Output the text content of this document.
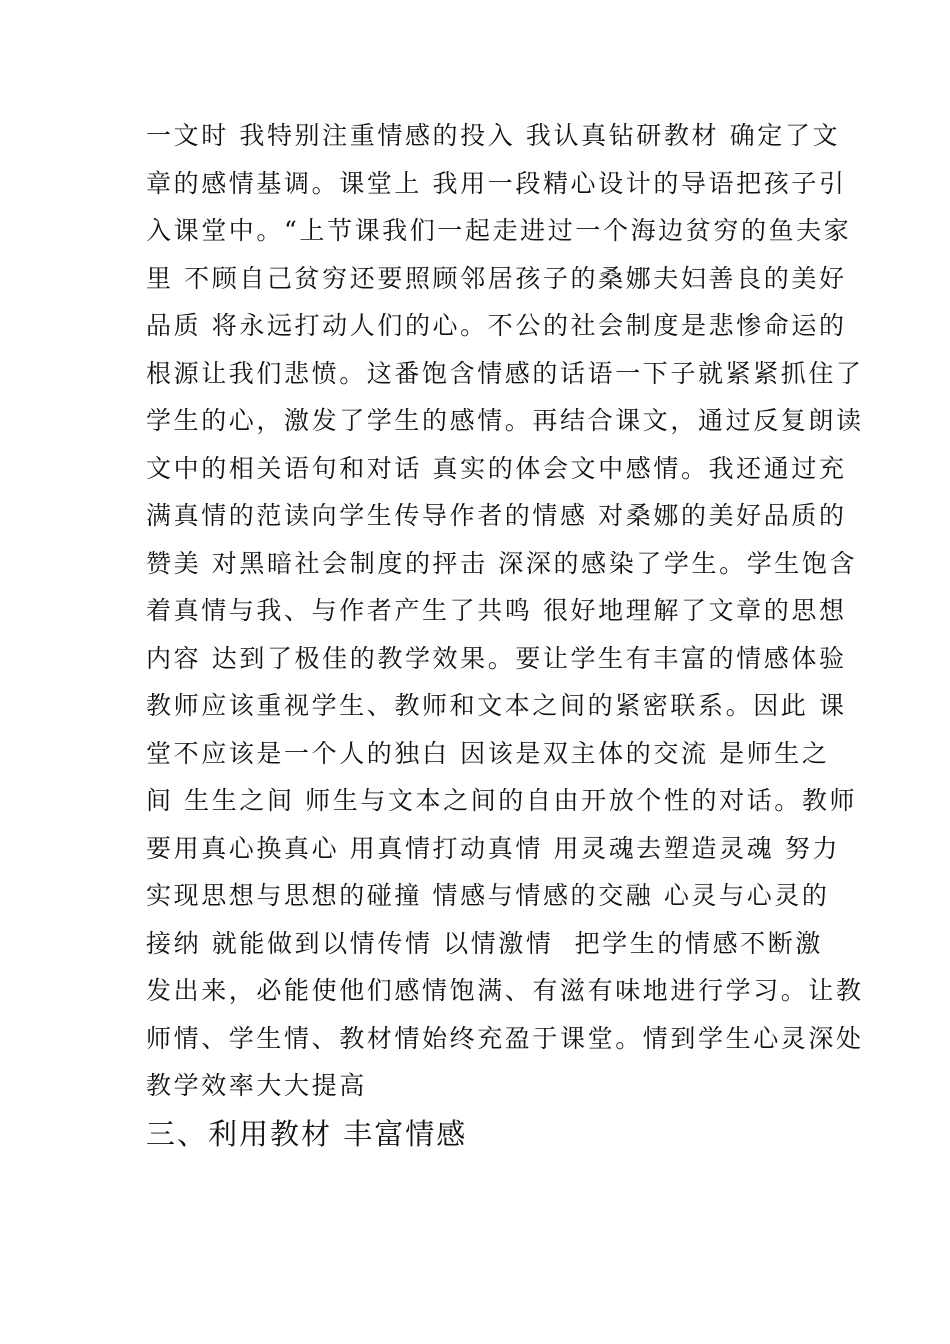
一文时 我特别注重情感的投入 我认真钻研教材 确定了文
章的感情基调。课堂上 我用一段精心设计的导语把孩子引
入课堂中。“上节课我们一起走进过一个海边贫穷的鱼夫家
里 不顾自己贫穷还要照顾邻居孩子的桑娜夫妇善良的美好
品质 将永远打动人们的心。不公的社会制度是悲惨命运的
根源让我们悲愤。这番饱含情感的话语一下子就紧紧抓住了
学生的心，激发了学生的感情。再结合课文，通过反复朗读
文中的相关语句和对话 真实的体会文中感情。我还通过充
满真情的范读向学生传导作者的情感 对桑娜的美好品质的
赞美 对黑暗社会制度的抨击 深深的感染了学生。学生饱含
着真情与我、与作者产生了共鸣 很好地理解了文章的思想
内容 达到了极佳的教学效果。要让学生有丰富的情感体验
教师应该重视学生、教师和文本之间的紧密联系。因此 课
堂不应该是一个人的独白 因该是双主体的交流 是师生之
间 生生之间 师生与文本之间的自由开放个性的对话。教师
要用真心换真心 用真情打动真情 用灵魂去塑造灵魂 努力
实现思想与思想的碰撞 情感与情感的交融 心灵与心灵的
接纳 就能做到以情传情 以情激情  把学生的情感不断激
发出来，必能使他们感情饱满、有滋有味地进行学习。让教
师情、学生情、教材情始终充盈于课堂。情到学生心灵深处
教学效率大大提高
三、利用教材 丰富情感
